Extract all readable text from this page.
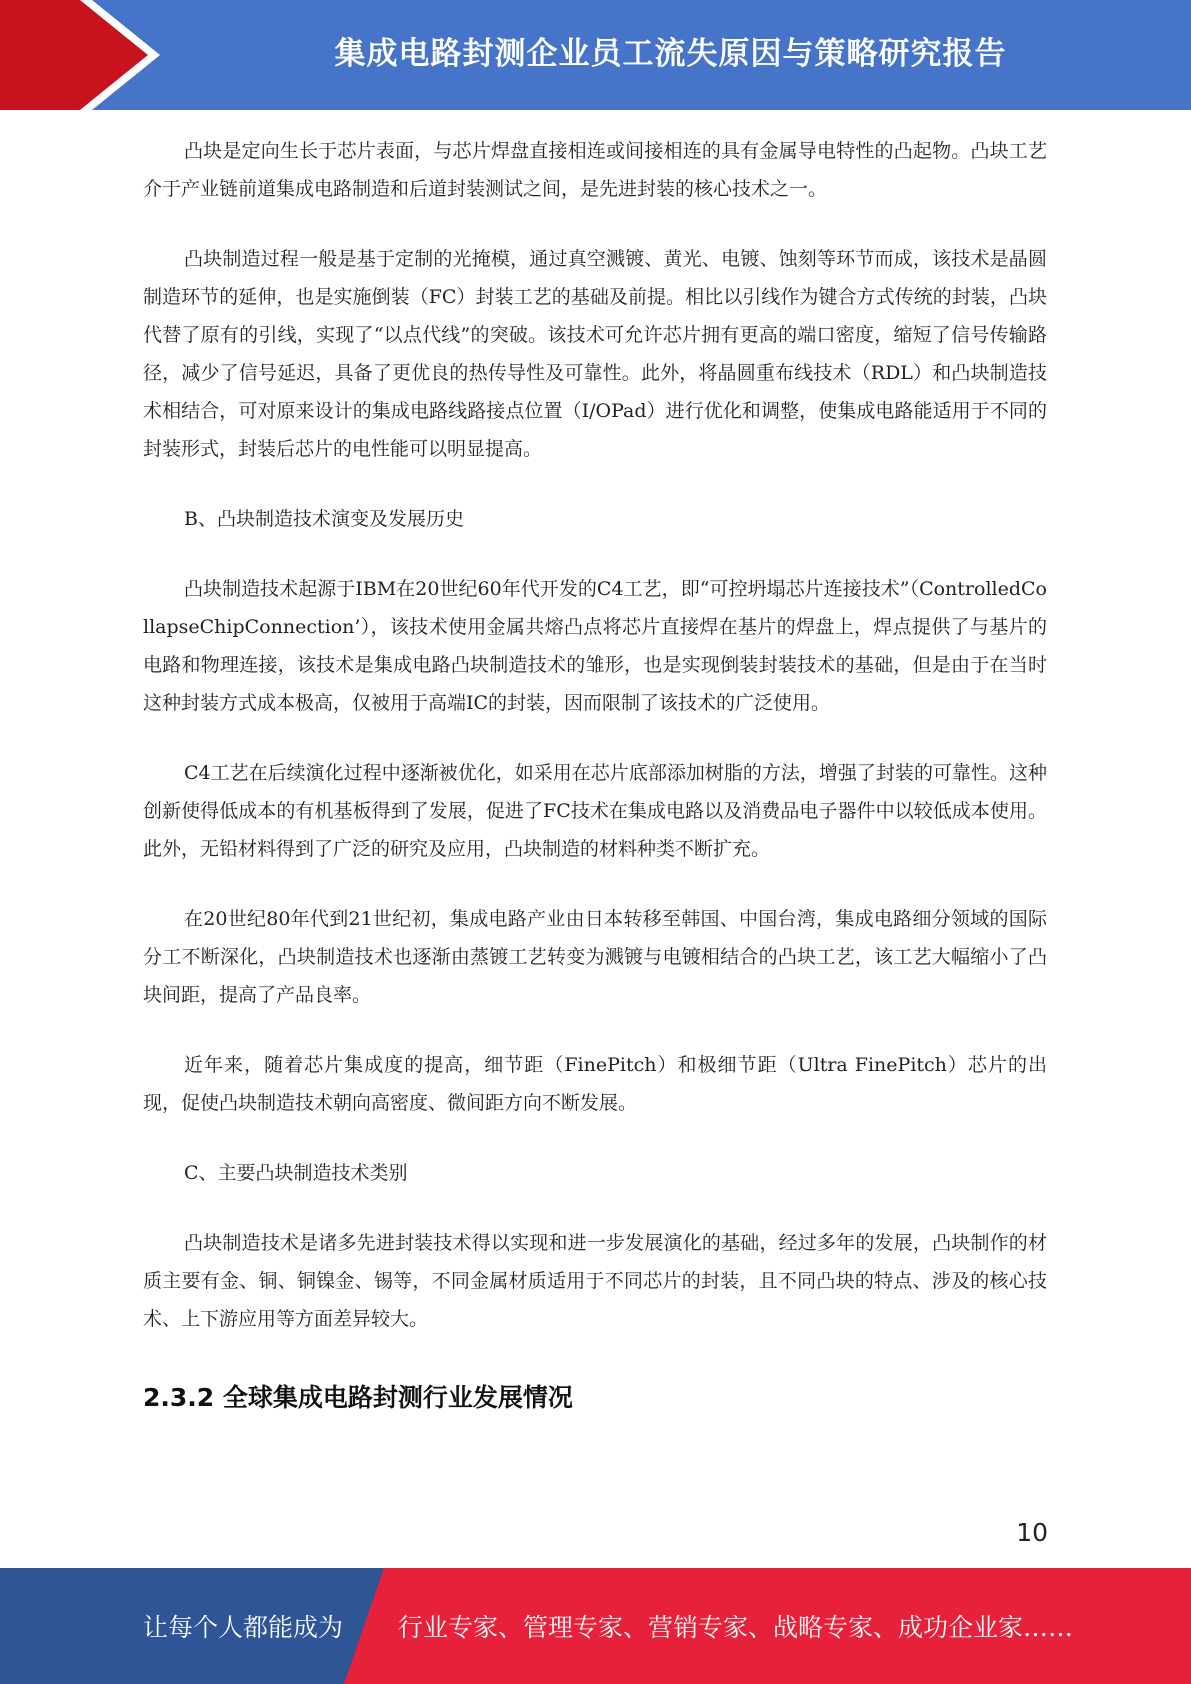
集成电路封测企业员工流失原因与策略研究报告

凸块是定向生长于芯片表面，与芯片焊盘直接相连或间接相连的具有金属导电特性的凸起物。凸块工艺介于产业链前道集成电路制造和后道封装测试之间，是先进封装的核心技术之一。

凸块制造过程一般是基于定制的光掩模，通过真空溅镀、黄光、电镀、蚀刻等环节而成，该技术是晶圆制造环节的延伸，也是实施倒装（FC）封装工艺的基础及前提。相比以引线作为键合方式传统的封装，凸块代替了原有的引线，实现了“以点代线”的突破。该技术可允许芯片拥有更高的端口密度，缩短了信号传输路径，减少了信号延迟，具备了更优良的热传导性及可靠性。此外，将晶圆重布线技术（RDL）和凸块制造技术相结合，可对原来设计的集成电路线路接点位置（I/OPad）进行优化和调整，使集成电路能适用于不同的封装形式，封装后芯片的电性能可以明显提高。

B、凸块制造技术演变及发展历史

凸块制造技术起源于IBM在20世纪60年代开发的C4工艺，即“可控坍塌芯片连接技术”（ControlledCollapseChipConnection’），该技术使用金属共熔凸点将芯片直接焊在基片的焊盘上，焊点提供了与基片的电路和物理连接，该技术是集成电路凸块制造技术的雏形，也是实现倒装封装技术的基础，但是由于在当时这种封装方式成本极高，仅被用于高端IC的封装，因而限制了该技术的广泛使用。

C4工艺在后续演化过程中逐渐被优化，如采用在芯片底部添加树脂的方法，增强了封装的可靠性。这种创新使得低成本的有机基板得到了发展，促进了FC技术在集成电路以及消费品电子器件中以较低成本使用。此外，无铅材料得到了广泛的研究及应用，凸块制造的材料种类不断扩充。

在20世纪80年代到21世纪初，集成电路产业由日本转移至韩国、中国台湾，集成电路细分领域的国际分工不断深化，凸块制造技术也逐渐由蒸镀工艺转变为溅镀与电镀相结合的凸块工艺，该工艺大幅缩小了凸块间距，提高了产品良率。

近年来，随着芯片集成度的提高，细节距（FinePitch）和极细节距（Ultra FinePitch）芯片的出现，促使凸块制造技术朝向高密度、微间距方向不断发展。

C、主要凸块制造技术类别

凸块制造技术是诸多先进封装技术得以实现和进一步发展演化的基础，经过多年的发展，凸块制作的材质主要有金、铜、铜镍金、锡等，不同金属材质适用于不同芯片的封装，且不同凸块的特点、涉及的核心技术、上下游应用等方面差异较大。

2.3.2 全球集成电路封测行业发展情况
10
让每个人都能成为 行业专家、管理专家、营销专家、战略专家、成功企业家……
